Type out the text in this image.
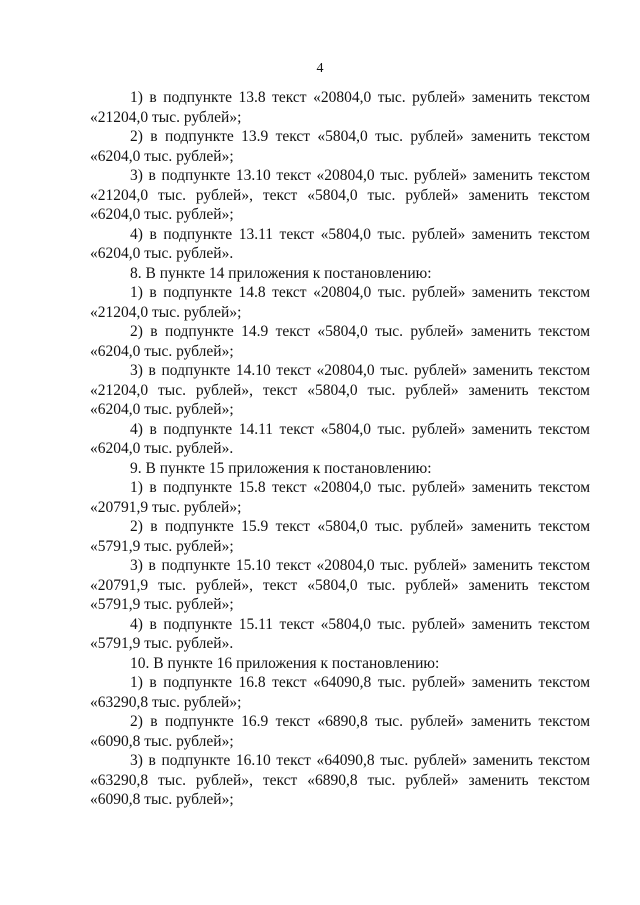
4

1) в подпункте 13.8 текст «20804,0 тыс. рублей» заменить текстом «21204,0 тыс. рублей»;

2) в подпункте 13.9 текст «5804,0 тыс. рублей» заменить текстом «6204,0 тыс. рублей»;

3) в подпункте 13.10 текст «20804,0 тыс. рублей» заменить текстом «21204,0 тыс. рублей», текст «5804,0 тыс. рублей» заменить текстом «6204,0 тыс. рублей»;

4) в подпункте 13.11 текст «5804,0 тыс. рублей» заменить текстом «6204,0 тыс. рублей».

8. В пункте 14 приложения к постановлению:

1) в подпункте 14.8 текст «20804,0 тыс. рублей» заменить текстом «21204,0 тыс. рублей»;

2) в подпункте 14.9 текст «5804,0 тыс. рублей» заменить текстом «6204,0 тыс. рублей»;

3) в подпункте 14.10 текст «20804,0 тыс. рублей» заменить текстом «21204,0 тыс. рублей», текст «5804,0 тыс. рублей» заменить текстом «6204,0 тыс. рублей»;

4) в подпункте 14.11 текст «5804,0 тыс. рублей» заменить текстом «6204,0 тыс. рублей».

9. В пункте 15 приложения к постановлению:

1) в подпункте 15.8 текст «20804,0 тыс. рублей» заменить текстом «20791,9 тыс. рублей»;

2) в подпункте 15.9 текст «5804,0 тыс. рублей» заменить текстом «5791,9 тыс. рублей»;

3) в подпункте 15.10 текст «20804,0 тыс. рублей» заменить текстом «20791,9 тыс. рублей», текст «5804,0 тыс. рублей» заменить текстом «5791,9 тыс. рублей»;

4) в подпункте 15.11 текст «5804,0 тыс. рублей» заменить текстом «5791,9 тыс. рублей».

10. В пункте 16 приложения к постановлению:

1) в подпункте 16.8 текст «64090,8 тыс. рублей» заменить текстом «63290,8 тыс. рублей»;

2) в подпункте 16.9 текст «6890,8 тыс. рублей» заменить текстом «6090,8 тыс. рублей»;

3) в подпункте 16.10 текст «64090,8 тыс. рублей» заменить текстом «63290,8 тыс. рублей», текст «6890,8 тыс. рублей» заменить текстом «6090,8 тыс. рублей»;
